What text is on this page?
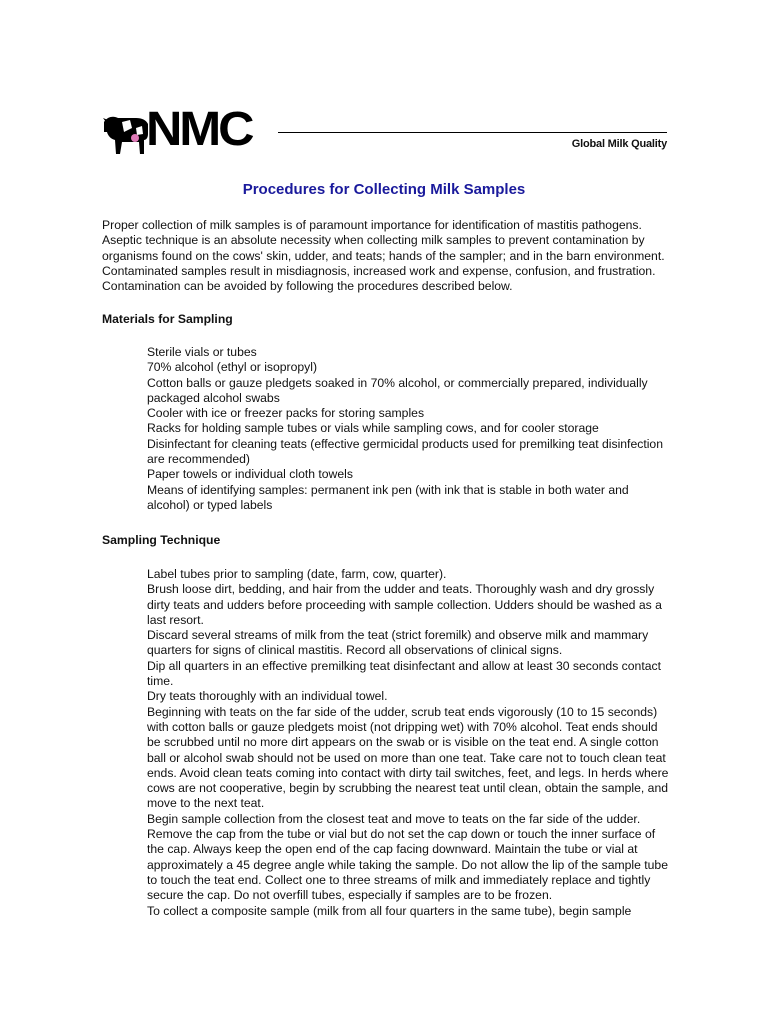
NMC	Global Milk Quality
Procedures for Collecting Milk Samples

Proper collection of milk samples is of paramount importance for identification of mastitis pathogens. Aseptic technique is an absolute necessity when collecting milk samples to prevent contamination by organisms found on the cows' skin, udder, and teats; hands of the sampler; and in the barn environment. Contaminated samples result in misdiagnosis, increased work and expense, confusion, and frustration. Contamination can be avoided by following the procedures described below.

Materials for Sampling
Sterile vials or tubes
70% alcohol (ethyl or isopropyl)
Cotton balls or gauze pledgets soaked in 70% alcohol, or commercially prepared, individually packaged alcohol swabs
Cooler with ice or freezer packs for storing samples
Racks for holding sample tubes or vials while sampling cows, and for cooler storage
Disinfectant for cleaning teats (effective germicidal products used for premilking teat disinfection are recommended)
Paper towels or individual cloth towels
Means of identifying samples: permanent ink pen (with ink that is stable in both water and alcohol) or typed labels
Sampling Technique
Label tubes prior to sampling (date, farm, cow, quarter).
Brush loose dirt, bedding, and hair from the udder and teats. Thoroughly wash and dry grossly dirty teats and udders before proceeding with sample collection. Udders should be washed as a last resort.
Discard several streams of milk from the teat (strict foremilk) and observe milk and mammary quarters for signs of clinical mastitis. Record all observations of clinical signs.
Dip all quarters in an effective premilking teat disinfectant and allow at least 30 seconds contact time.
Dry teats thoroughly with an individual towel.
Beginning with teats on the far side of the udder, scrub teat ends vigorously (10 to 15 seconds) with cotton balls or gauze pledgets moist (not dripping wet) with 70% alcohol. Teat ends should be scrubbed until no more dirt appears on the swab or is visible on the teat end. A single cotton ball or alcohol swab should not be used on more than one teat. Take care not to touch clean teat ends. Avoid clean teats coming into contact with dirty tail switches, feet, and legs. In herds where cows are not cooperative, begin by scrubbing the nearest teat until clean, obtain the sample, and move to the next teat.
Begin sample collection from the closest teat and move to teats on the far side of the udder. Remove the cap from the tube or vial but do not set the cap down or touch the inner surface of the cap. Always keep the open end of the cap facing downward. Maintain the tube or vial at approximately a 45 degree angle while taking the sample. Do not allow the lip of the sample tube to touch the teat end. Collect one to three streams of milk and immediately replace and tightly secure the cap. Do not overfill tubes, especially if samples are to be frozen.
To collect a composite sample (milk from all four quarters in the same tube), begin sample
